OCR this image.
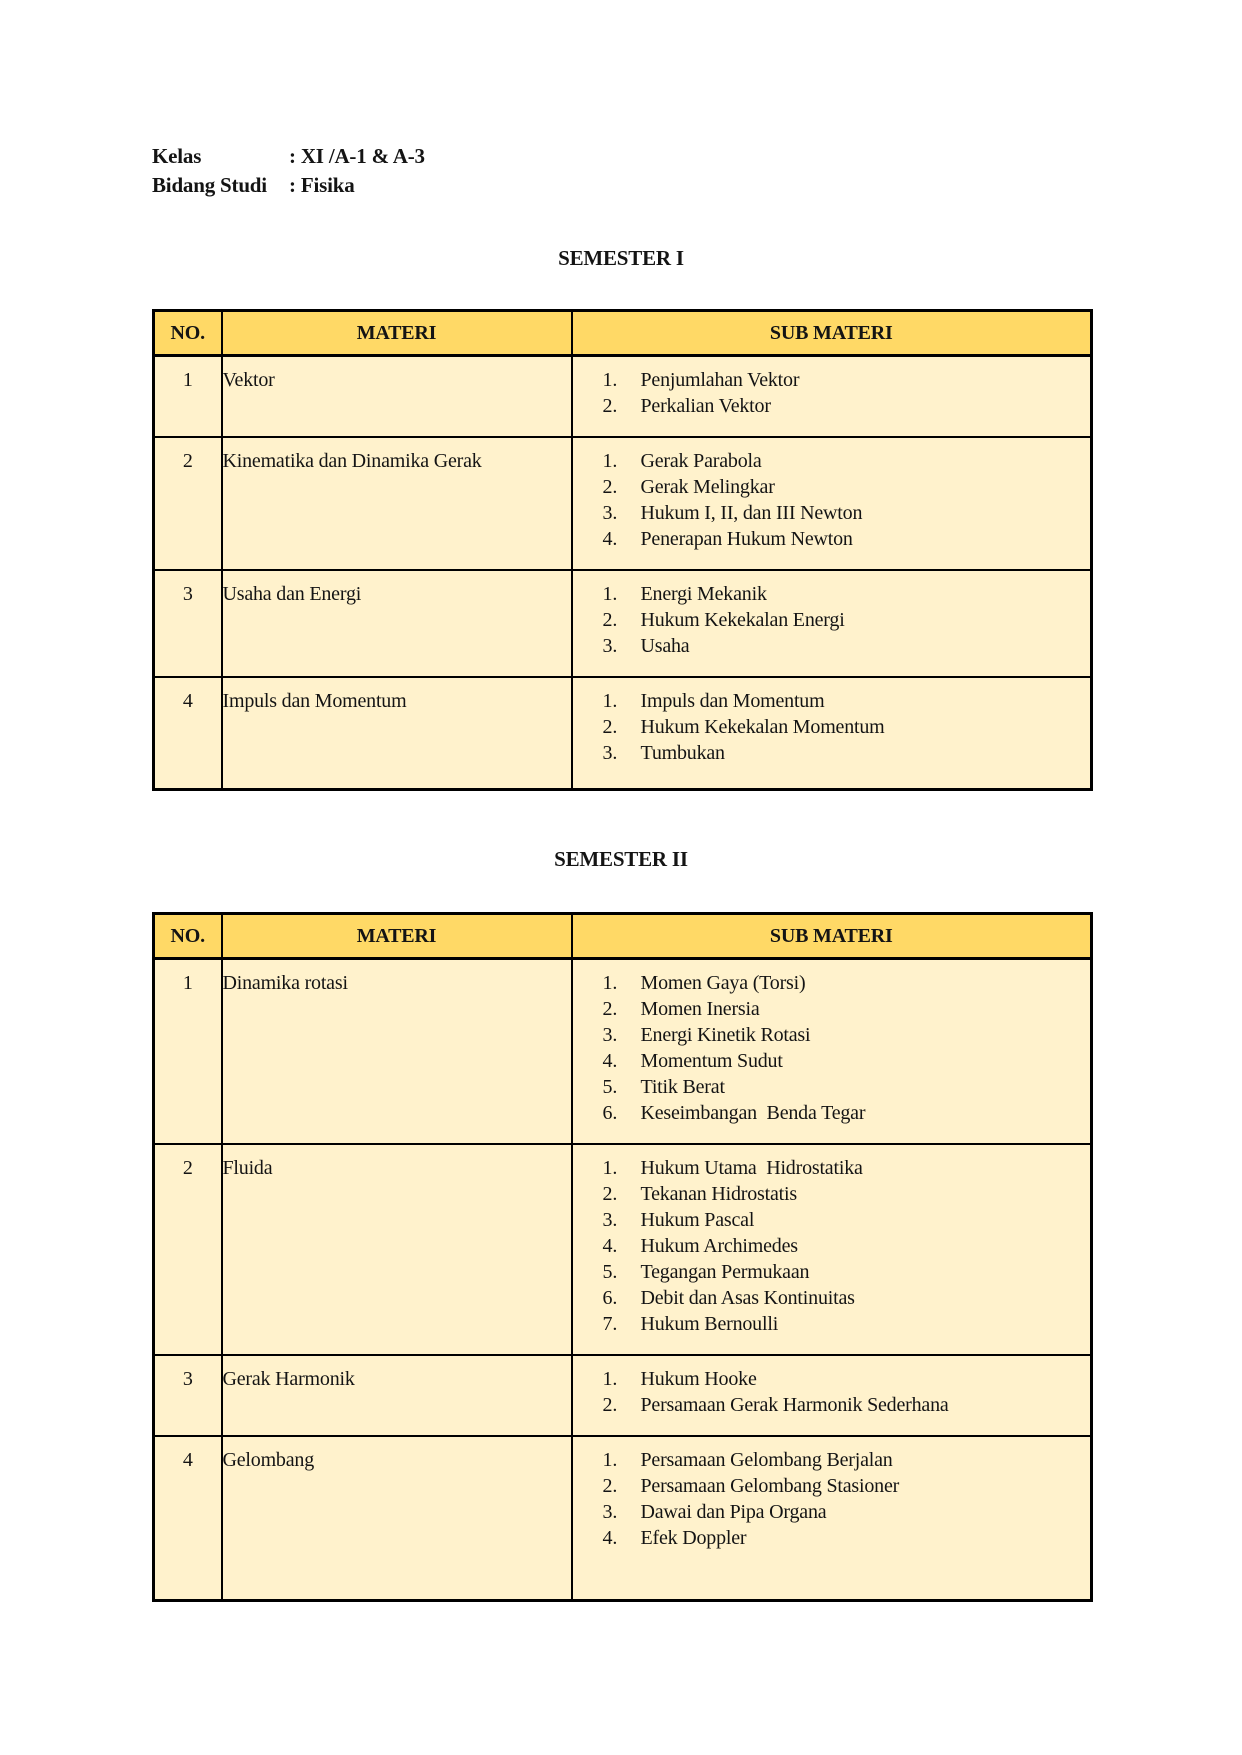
Kelas	: XI /A-1 & A-3
Bidang Studi	: Fisika
SEMESTER I
NO.	MATERI	SUB MATERI
1	Vektor	Penjumlahan Vektor
Perkalian Vektor

2	Kinematika dan Dinamika Gerak	Gerak Parabola
Gerak Melingkar
Hukum I, II, dan III Newton
Penerapan Hukum Newton

3	Usaha dan Energi	Energi Mekanik
Hukum Kekekalan Energi
Usaha

4	Impuls dan Momentum	Impuls dan Momentum
Hukum Kekekalan Momentum
Tumbukan
SEMESTER II
NO.	MATERI	SUB MATERI
1	Dinamika rotasi	Momen Gaya (Torsi)
Momen Inersia
Energi Kinetik Rotasi
Momentum Sudut
Titik Berat
Keseimbangan  Benda Tegar

2	Fluida	Hukum Utama  Hidrostatika
Tekanan Hidrostatis
Hukum Pascal
Hukum Archimedes
Tegangan Permukaan
Debit dan Asas Kontinuitas
Hukum Bernoulli

3	Gerak Harmonik	Hukum Hooke
Persamaan Gerak Harmonik Sederhana

4	Gelombang	Persamaan Gelombang Berjalan
Persamaan Gelombang Stasioner
Dawai dan Pipa Organa
Efek Doppler
